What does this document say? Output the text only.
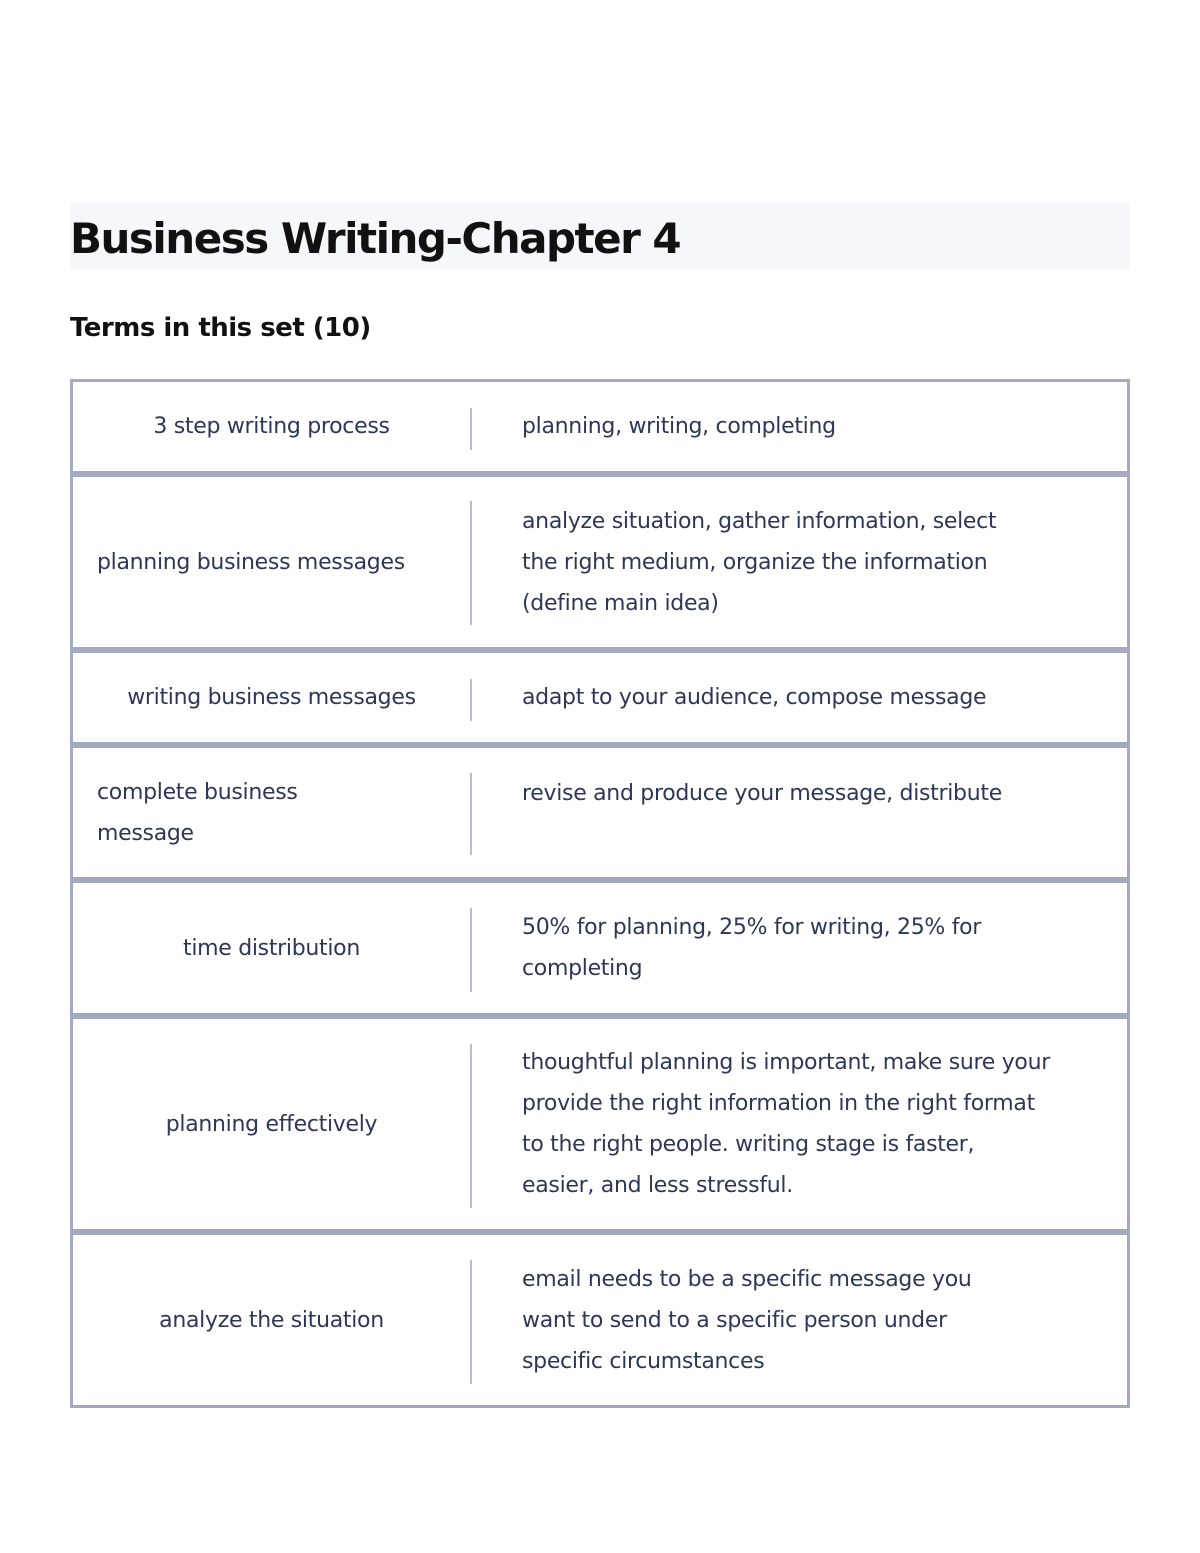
Business Writing-Chapter 4
Terms in this set (10)
3 step writing process	planning, writing, completing
planning business messages
analyze situation, gather information, select the right medium, organize the information (define main idea)
writing business messages	adapt to your audience, compose message
complete business message
revise and produce your message, distribute
time distribution
50% for planning, 25% for writing, 25% for completing
planning effectively
thoughtful planning is important, make sure your provide the right information in the right format to the right people. writing stage is faster, easier, and less stressful.
analyze the situation
email needs to be a specific message you want to send to a specific person under specific circumstances
